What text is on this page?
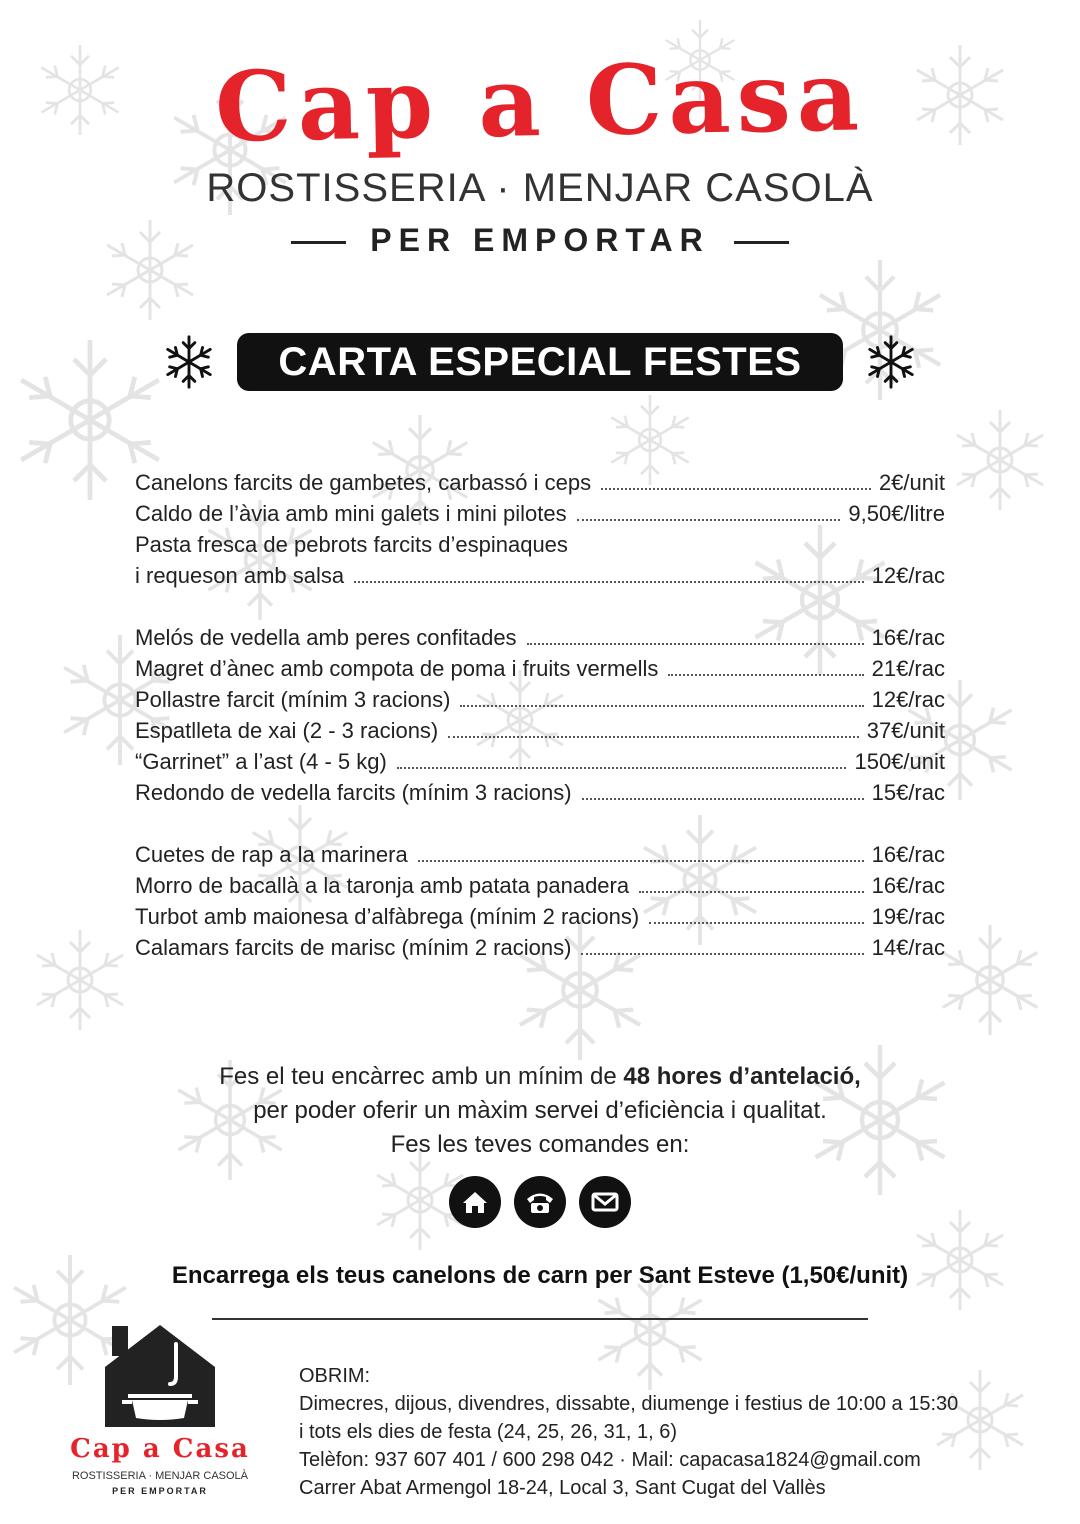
Cap a Casa
ROSTISSERIA · MENJAR CASOLÀ
PER EMPORTAR
CARTA ESPECIAL FESTES
Canelons farcits de gambetes, carbassó i ceps	2€/unit
Caldo de l’àvia amb mini galets i mini pilotes	9,50€/litre
Pasta fresca de pebrots farcits d’espinaques
i requeson amb salsa	12€/rac
Melós de vedella amb peres confitades	16€/rac
Magret d’ànec amb compota de poma i fruits vermells	21€/rac
Pollastre farcit (mínim 3 racions)	12€/rac
Espatlleta de xai (2 - 3 racions)	37€/unit
“Garrinet” a l’ast (4 - 5 kg)	150€/unit
Redondo de vedella farcits (mínim 3 racions)	15€/rac
Cuetes de rap a la marinera	16€/rac
Morro de bacallà a la taronja amb patata panadera	16€/rac
Turbot amb maionesa d’alfàbrega (mínim 2 racions)	19€/rac
Calamars farcits de marisc (mínim 2 racions)	14€/rac
Fes el teu encàrrec amb un mínim de 48 hores d’antelació,
per poder oferir un màxim servei d’eficiència i qualitat.
Fes les teves comandes en:
Encarrega els teus canelons de carn per Sant Esteve (1,50€/unit)
Cap a Casa
ROSTISSERIA · MENJAR CASOLÀ
PER EMPORTAR
OBRIM:
Dimecres, dijous, divendres, dissabte, diumenge i festius de 10:00 a 15:30
i tots els dies de festa (24, 25, 26, 31, 1, 6)
Telèfon: 937 607 401 / 600 298 042 · Mail: capacasa1824@gmail.com
Carrer Abat Armengol 18-24, Local 3, Sant Cugat del Vallès
